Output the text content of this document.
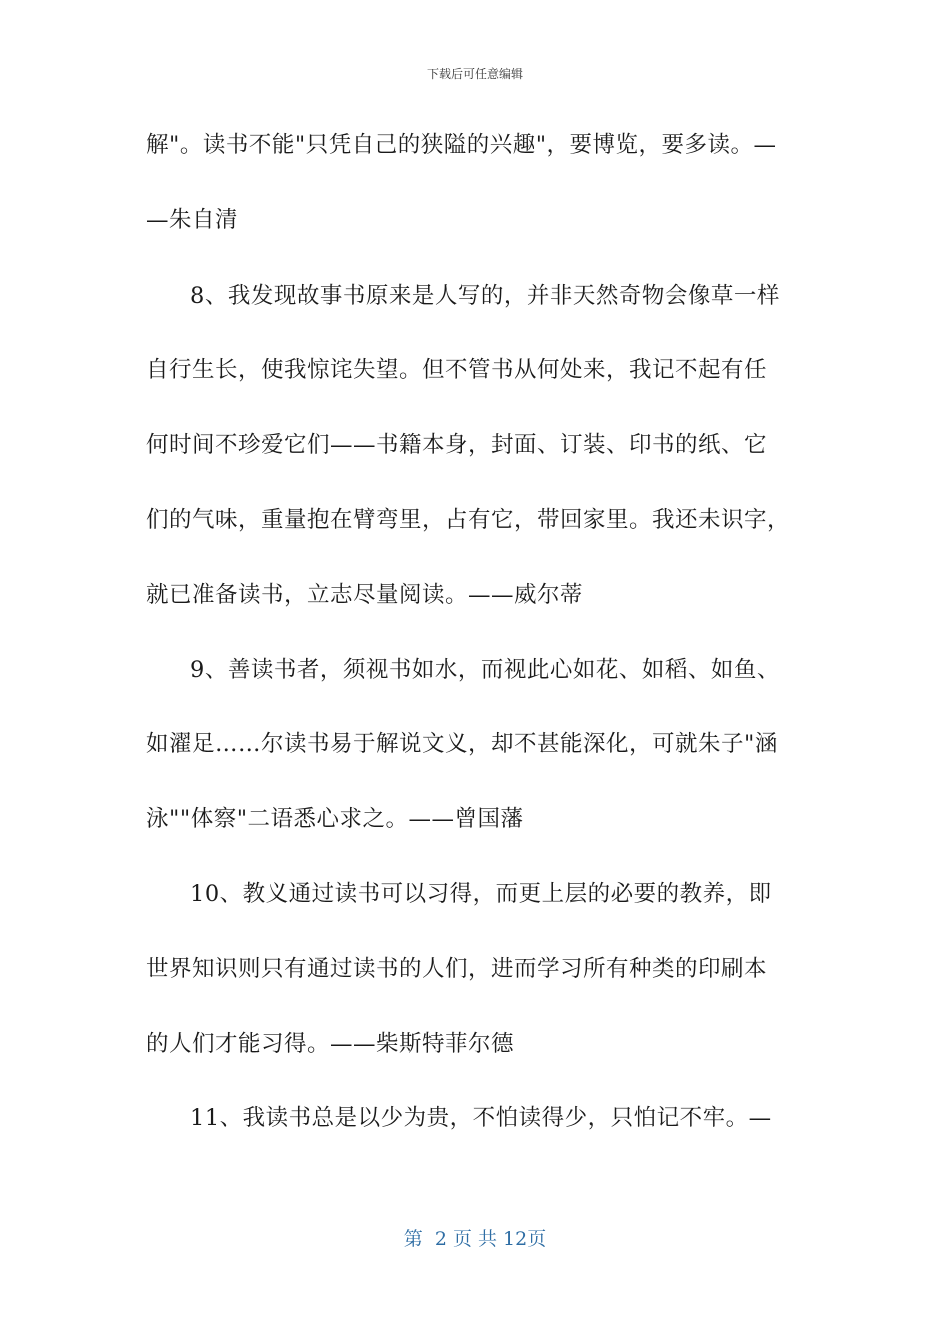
下载后可任意编辑
解"。读书不能"只凭自己的狭隘的兴趣"，要博览，要多读。—
—朱自清
8、我发现故事书原来是人写的，并非天然奇物会像草一样
自行生长，使我惊诧失望。但不管书从何处来，我记不起有任
何时间不珍爱它们——书籍本身，封面、订装、印书的纸、它
们的气味，重量抱在臂弯里，占有它，带回家里。我还未识字，
就已准备读书，立志尽量阅读。——威尔蒂
9、善读书者，须视书如水，而视此心如花、如稻、如鱼、
如濯足……尔读书易于解说文义，却不甚能深化，可就朱子"涵
泳""体察"二语悉心求之。——曾国藩
10、教义通过读书可以习得，而更上层的必要的教养，即
世界知识则只有通过读书的人们，进而学习所有种类的印刷本
的人们才能习得。——柴斯特菲尔德
11、我读书总是以少为贵，不怕读得少，只怕记不牢。—
第  2 页 共 12页
